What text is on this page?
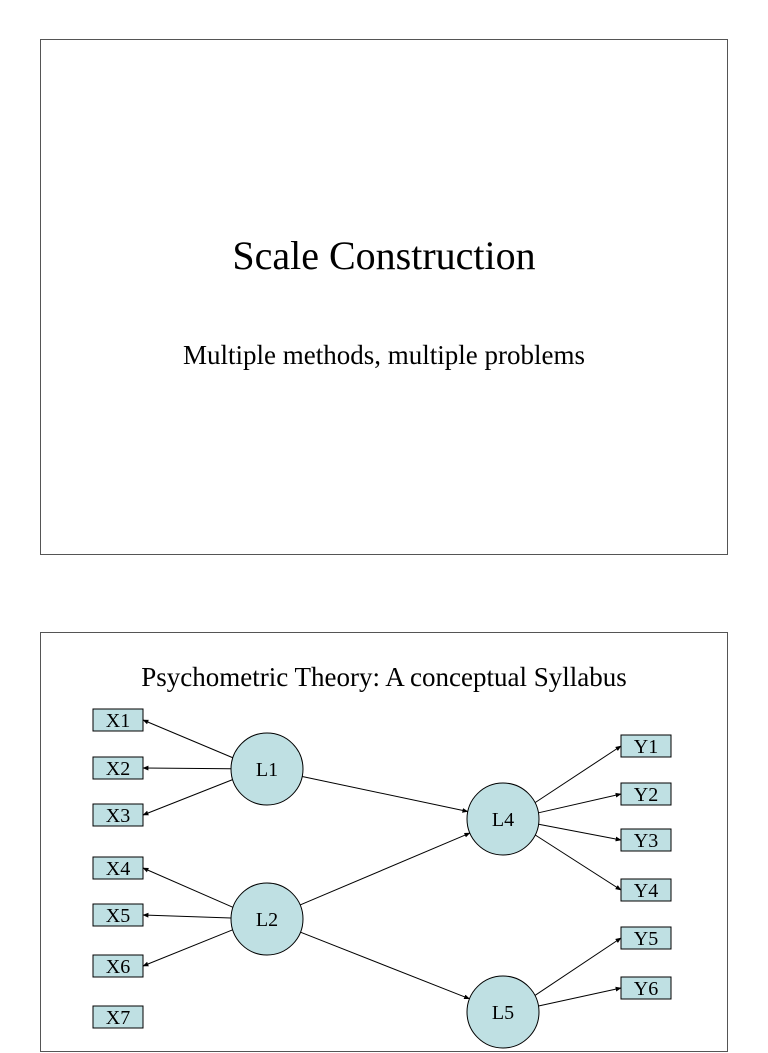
Scale Construction
Multiple methods, multiple problems
Psychometric Theory: A conceptual Syllabus
L1
L2
L4
L5
X1
X2
X3
X4
X5
X6
X7
Y1
Y2
Y3
Y4
Y5
Y6
